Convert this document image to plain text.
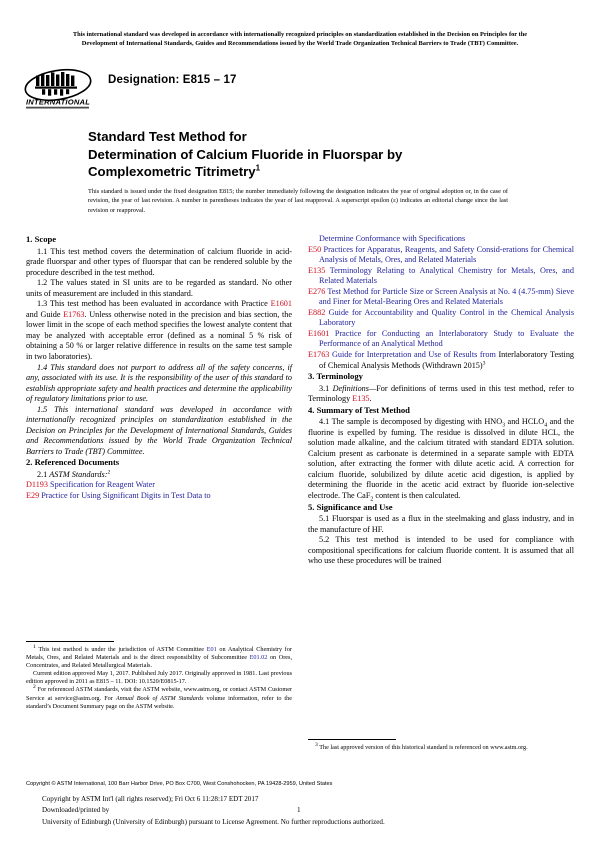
This international standard was developed in accordance with internationally recognized principles on standardization established in the Decision on Principles for the
Development of International Standards, Guides and Recommendations issued by the World Trade Organization Technical Barriers to Trade (TBT) Committee.
INTERNATIONAL
Designation: E815 – 17
Standard Test Method for
Determination of Calcium Fluoride in Fluorspar by
Complexometric Titrimetry$^1$
This standard is issued under the fixed designation E815; the number immediately following the designation indicates the year of original adoption or, in the case of revision, the year of last revision. A number in parentheses indicates the year of last reapproval. A superscript epsilon (ε) indicates an editorial change since the last revision or reapproval.
1. Scope

1.1 This test method covers the determination of calcium fluoride in acid-grade fluorspar and other types of fluorspar that can be rendered soluble by the procedure described in the test method.

1.2 The values stated in SI units are to be regarded as standard. No other units of measurement are included in this standard.

1.3 This test method has been evaluated in accordance with Practice E1601 and Guide E1763. Unless otherwise noted in the precision and bias section, the lower limit in the scope of each method specifies the lowest analyte content that may be analyzed with acceptable error (defined as a nominal 5 % risk of obtaining a 50 % or larger relative difference in results on the same test sample in two laboratories).

1.4 This standard does not purport to address all of the safety concerns, if any, associated with its use. It is the responsibility of the user of this standard to establish appropriate safety and health practices and determine the applicability of regulatory limitations prior to use.

1.5 This international standard was developed in accordance with internationally recognized principles on standardization established in the Decision on Principles for the Development of International Standards, Guides and Recommendations issued by the World Trade Organization Technical Barriers to Trade (TBT) Committee.

2. Referenced Documents

2.1 ASTM Standards:$^2$

D1193 Specification for Reagent Water

E29 Practice for Using Significant Digits in Test Data to

Determine Conformance with Specifications

E50 Practices for Apparatus, Reagents, and Safety Consid-erations for Chemical Analysis of Metals, Ores, and Related Materials

E135 Terminology Relating to Analytical Chemistry for Metals, Ores, and Related Materials

E276 Test Method for Particle Size or Screen Analysis at No. 4 (4.75-mm) Sieve and Finer for Metal-Bearing Ores and Related Materials

E882 Guide for Accountability and Quality Control in the Chemical Analysis Laboratory

E1601 Practice for Conducting an Interlaboratory Study to Evaluate the Performance of an Analytical Method

E1763 Guide for Interpretation and Use of Results from Interlaboratory Testing of Chemical Analysis Methods (Withdrawn 2015)$^3$

3. Terminology

3.1 Definitions—For definitions of terms used in this test method, refer to Terminology E135.

4. Summary of Test Method

4.1 The sample is decomposed by digesting with $HNO_3$ and $HCLO_4$ and the fluorine is expelled by fuming. The residue is dissolved in dilute HCL, the solution made alkaline, and the calcium titrated with standard EDTA solution. Calcium present as carbonate is determined in a separate sample with EDTA solution, after extracting the former with dilute acetic acid. A correction for calcium fluoride, solubilized by dilute acetic acid digestion, is applied by determining the fluoride in the acetic acid extract by fluoride ion-selective electrode. The CaF$_2$ content is then calculated.

5. Significance and Use

5.1 Fluorspar is used as a flux in the steelmaking and glass industry, and in the manufacture of HF.

5.2 This test method is intended to be used for compliance with compositional specifications for calcium fluoride content. It is assumed that all who use these procedures will be trained

$^1$ This test method is under the jurisdiction of ASTM Committee E01 on Analytical Chemistry for Metals, Ores, and Related Materials and is the direct responsibility of Subcommittee E01.02 on Ores, Concentrates, and Related Metallurgical Materials.

Current edition approved May 1, 2017. Published July 2017. Originally approved in 1981. Last previous edition approved in 2011 as E815 – 11. DOI: 10.1520/E0815-17.

$^2$ For referenced ASTM standards, visit the ASTM website, www.astm.org, or contact ASTM Customer Service at service@astm.org. For Annual Book of ASTM Standards volume information, refer to the standard’s Document Summary page on the ASTM website.

$^3$ The last approved version of this historical standard is referenced on www.astm.org.

Copyright © ASTM International, 100 Barr Harbor Drive, PO Box C700, West Conshohocken, PA 19428-2959, United States
Copyright by ASTM Int'l (all rights reserved); Fri Oct 6 11:28:17 EDT 2017
Downloaded/printed by
University of Edinburgh (University of Edinburgh) pursuant to License Agreement. No further reproductions authorized.
1
